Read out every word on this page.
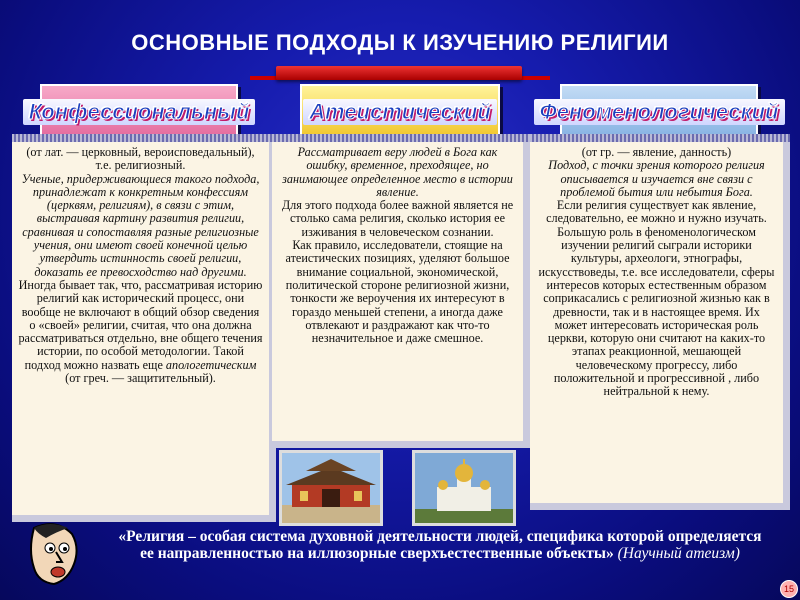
ОСНОВНЫЕ ПОДХОДЫ К ИЗУЧЕНИЮ РЕЛИГИИ
Конфессиональный	Атеистический Феноменологический
(от лат. — церковный, вероисповедальный), т.е. религиозный.
Ученые, придерживающиеся такого подхода, принадлежат к конкретным конфессиям (церквям, религиям), в связи с этим, выстраивая картину развития религии, сравнивая и сопоставляя разные религиозные учения, они имеют своей конечной целью утвердить истинность своей религии, доказать ее превосходство над другими. Иногда бывает так, что, рассматривая историю религий как исторический процесс, они вообще не включают в общий обзор сведения о «своей» религии, считая, что она должна рассматриваться отдельно, вне общего течения истории, по особой методологии. Такой подход можно назвать еще апологетическим (от греч. — защитительный).
Рассматривает веру людей в Бога как ошибку, временное, преходящее, но занимающее определенное место в истории явление.
Для этого подхода более важной является не столько сама религия, сколько история ее изживания в человеческом сознании.
Как правило, исследователи, стоящие на атеистических позициях, уделяют большое внимание социальной, экономической, политической стороне религиозной жизни, тонкости же вероучения их интересуют в гораздо меньшей степени, а иногда даже отвлекают и раздражают как что-то незначительное и даже смешное.
(от гр. — явление, данность)
Подход, с точки зрения которого религия описывается и изучается вне связи с проблемой бытия или небытия Бога.
Если религия существует как явление, следовательно, ее можно и нужно изучать. Большую роль в феноменологическом изучении религий сыграли историки культуры, археологи, этнографы, искусствоведы, т.е. все исследователи, сферы интересов которых естественным образом соприкасались с религиозной жизнью как в древности, так и в настоящее время. Их может интересовать историческая роль церкви, которую они считают на каких-то этапах реакционной, мешающей человеческому прогрессу, либо положительной и прогрессивной , либо нейтральной к нему.
«Религия – особая система духовной деятельности людей, специфика которой определяется ее направленностью на иллюзорные сверхъестественные объекты» (Научный атеизм)
15
